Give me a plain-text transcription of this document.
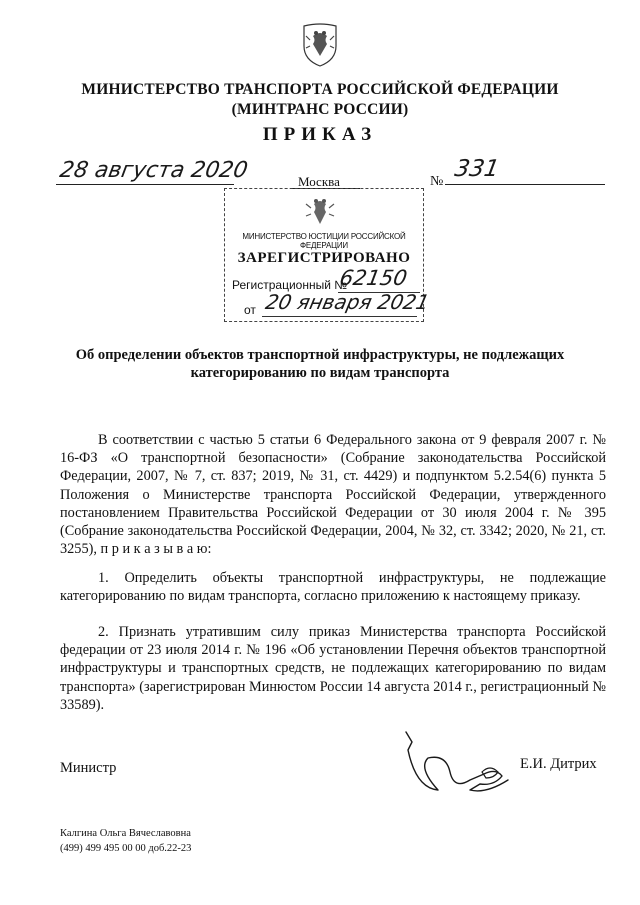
МИНИСТЕРСТВО ТРАНСПОРТА РОССИЙСКОЙ ФЕДЕРАЦИИ
(МИНТРАНС РОССИИ)
ПРИКАЗ
28 августа 2020	Москва	№ 331
МИНИСТЕРСТВО ЮСТИЦИИ РОССИЙСКОЙ ФЕДЕРАЦИИ
ЗАРЕГИСТРИРОВАНО
Регистрационный №
62150
от 20 января 2021
Об определении объектов транспортной инфраструктуры, не подлежащих
категорированию по видам транспорта
В соответствии с частью 5 статьи 6 Федерального закона от 9 февраля 2007 г. № 16-ФЗ «О транспортной безопасности» (Собрание законодательства Российской Федерации, 2007, № 7, ст. 837; 2019, № 31, ст. 4429) и подпунктом 5.2.54(6) пункта 5 Положения о Министерстве транспорта Российской Федерации, утвержденного постановлением Правительства Российской Федерации от 30 июля 2004 г. № 395 (Собрание законодательства Российской Федерации, 2004, № 32, ст. 3342; 2020, № 21, ст. 3255), п р и к а з ы в а ю:
1. Определить объекты транспортной инфраструктуры, не подлежащие категорированию по видам транспорта, согласно приложению к настоящему приказу.
2. Признать утратившим силу приказ Министерства транспорта Российской федерации от 23 июля 2014 г. № 196 «Об установлении Перечня объектов транспортной инфраструктуры и транспортных средств, не подлежащих категорированию по видам транспорта» (зарегистрирован Минюстом России 14 августа 2014 г., регистрационный № 33589).
Министр	Е.И. Дитрих
Калгина Ольга Вячеславовна
(499) 499 495 00 00 доб.22-23
